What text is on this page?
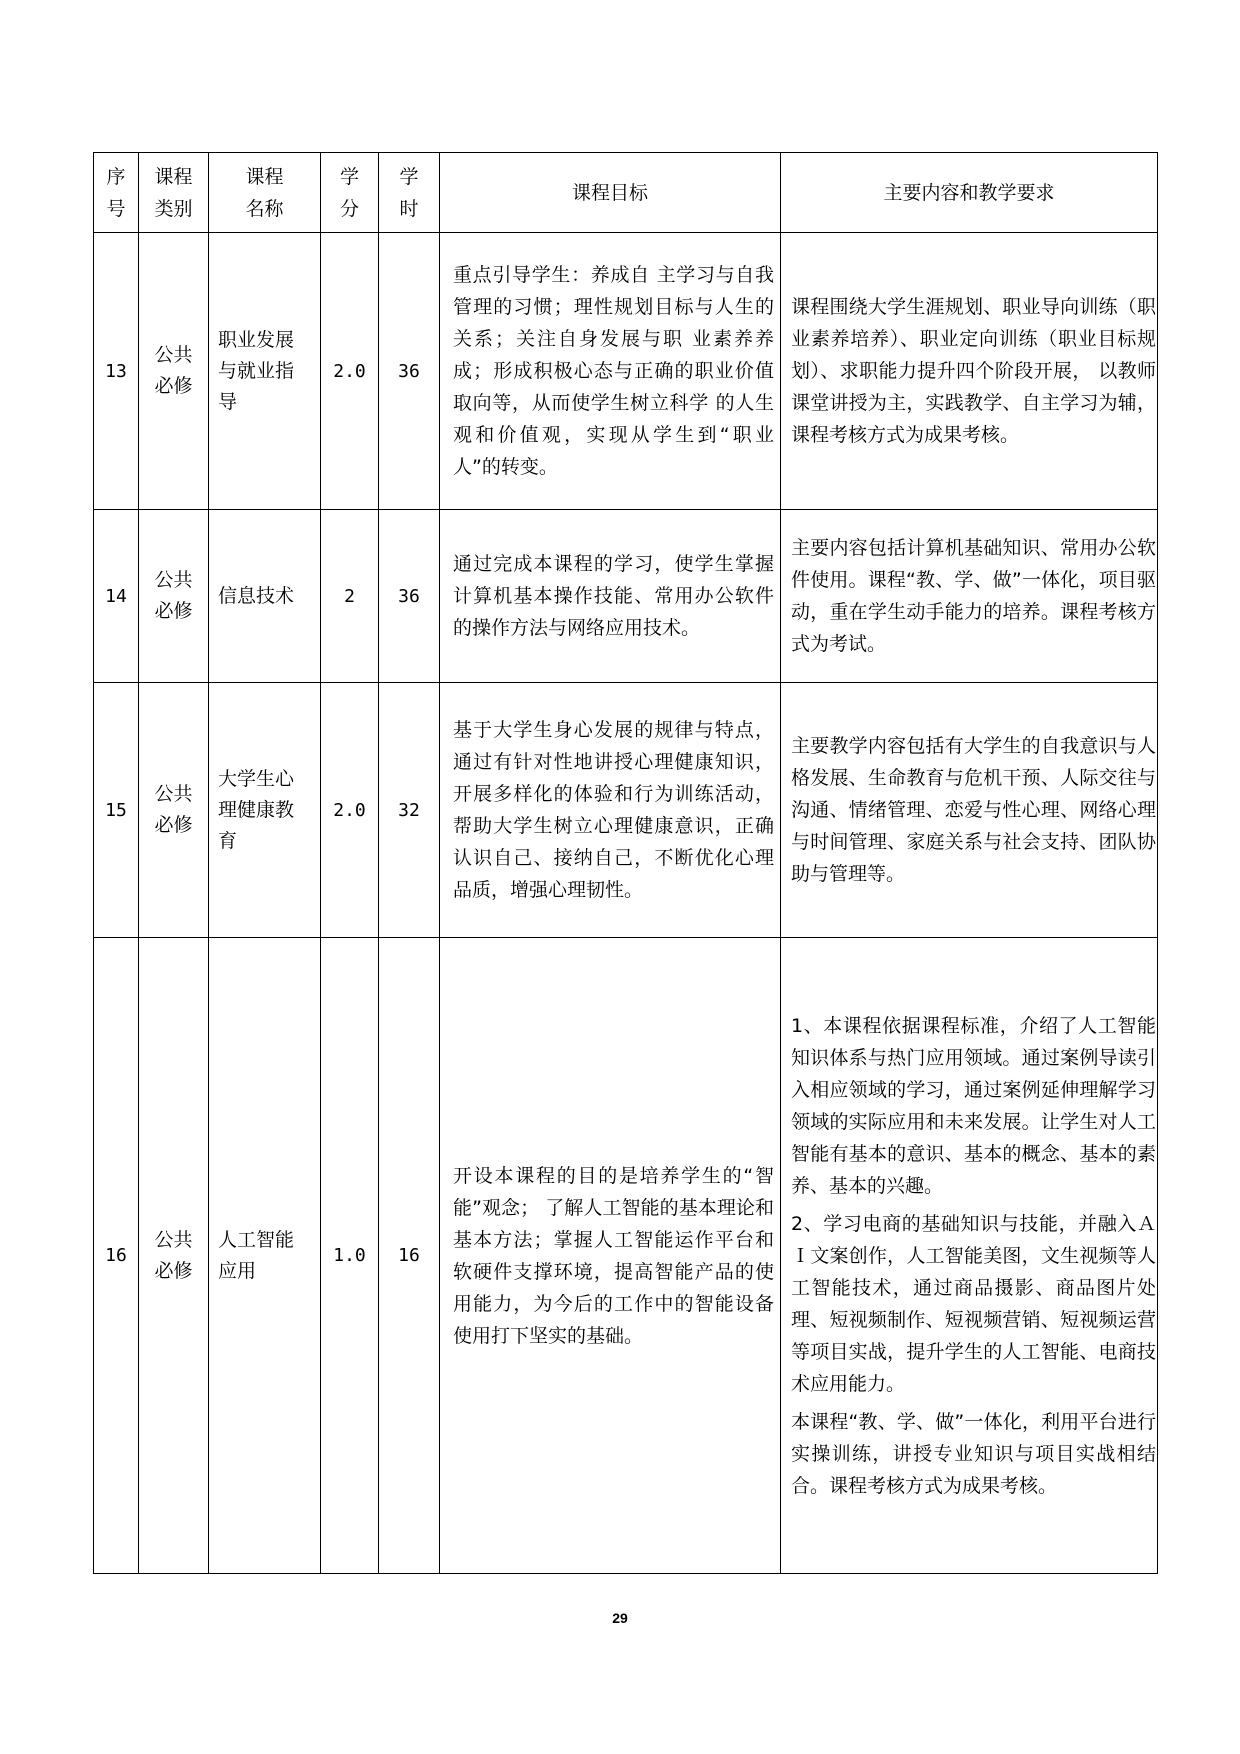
序号	课程类别	课程名称	学分	学时	课程目标	主要内容和教学要求
13	公共必修	职业发展与就业指导	2.0	36	重点引导学生：养成自 主学习与自我管理的习惯；理性规划目标与人生的关系；关注自身发展与职 业素养养成；形成积极心态与正确的职业价值取向等，从而使学生树立科学 的人生观和价值观，实现从学生到“职业人”的转变。	课程围绕大学生涯规划、职业导向训练（职业素养培养）、职业定向训练（职业目标规划）、求职能力提升四个阶段开展， 以教师课堂讲授为主，实践教学、自主学习为辅，课程考核方式为成果考核。

14	公共必修	信息技术	2	36	通过完成本课程的学习，使学生掌握计算机基本操作技能、常用办公软件的操作方法与网络应用技术。	主要内容包括计算机基础知识、常用办公软件使用。课程“教、学、做”一体化，项目驱动，重在学生动手能力的培养。课程考核方式为考试。

15	公共必修	大学生心理健康教育	2.0	32	基于大学生身心发展的规律与特点，通过有针对性地讲授心理健康知识，开展多样化的体验和行为训练活动，帮助大学生树立心理健康意识，正确认识自己、接纳自己，不断优化心理品质，增强心理韧性。	主要教学内容包括有大学生的自我意识与人格发展、生命教育与危机干预、人际交往与沟通、情绪管理、恋爱与性心理、网络心理与时间管理、家庭关系与社会支持、团队协助与管理等。

16	公共必修	人工智能应用	1.0	16	开设本课程的目的是培养学生的“智能”观念； 了解人工智能的基本理论和基本方法；掌握人工智能运作平台和软硬件支撑环境，提高智能产品的使用能力，为今后的工作中的智能设备使用打下坚实的基础。	1、本课程依据课程标准，介绍了人工智能知识体系与热门应用领域。通过案例导读引入相应领域的学习，通过案例延伸理解学习领域的实际应用和未来发展。让学生对人工智能有基本的意识、基本的概念、基本的素养、基本的兴趣。

2、学习电商的基础知识与技能，并融入ＡＩ文案创作，人工智能美图，文生视频等人工智能技术，通过商品摄影、商品图片处理、短视频制作、短视频营销、短视频运营等项目实战，提升学生的人工智能、电商技术应用能力。

本课程“教、学、做”一体化，利用平台进行实操训练，讲授专业知识与项目实战相结合。课程考核方式为成果考核。

29
